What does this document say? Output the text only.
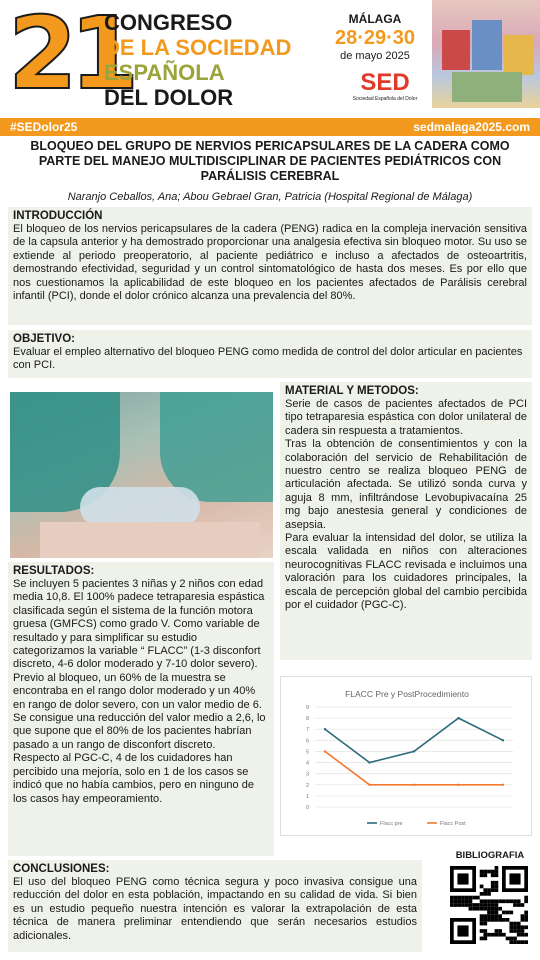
21
CONGRESO
DE LA SOCIEDAD
ESPAÑOLA
DEL DOLOR
MÁLAGA
28·29·30
de mayo 2025
SED
Sociedad Española del Dolor
#SEDolor25	sedmalaga2025.com
BLOQUEO DEL GRUPO DE NERVIOS PERICAPSULARES DE LA CADERA COMO PARTE DEL MANEJO MULTIDISCIPLINAR DE PACIENTES PEDIÁTRICOS CON PARÁLISIS CEREBRAL
Naranjo Ceballos, Ana; Abou Gebrael Gran, Patricia (Hospital Regional de Málaga)
INTRODUCCIÓN

El bloqueo de los nervios pericapsulares de la cadera (PENG) radica en la compleja inervación sensitiva de la capsula anterior y ha demostrado proporcionar una analgesia efectiva sin bloqueo motor. Su uso se extiende al periodo preoperatorio, al paciente pediátrico e incluso a afectados de osteoartritis, demostrando efectividad, seguridad y un control sintomatológico de hasta dos meses. Es por ello que nos cuestionamos la aplicabilidad de este bloqueo en los pacientes afectados de Parálisis cerebral infantil (PCI), donde el dolor crónico alcanza una prevalencia del 80%.

OBJETIVO:

Evaluar el empleo alternativo del bloqueo PENG como medida de control del dolor articular en pacientes con PCI.

MATERIAL Y METODOS:

Serie de casos de pacientes afectados de PCI tipo tetraparesia espástica con dolor unilateral de cadera sin respuesta a tratamientos.

Tras la obtención de consentimientos y con la colaboración del servicio de Rehabilitación de nuestro centro se realiza bloqueo PENG de articulación afectada. Se utilizó sonda curva y aguja 8 mm, infiltrándose Levobupivacaína 25 mg bajo anestesia general y condiciones de asepsia.

Para evaluar la intensidad del dolor, se utiliza la escala validada en niños con alteraciones neurocognitivas FLACC revisada e incluimos una valoración para los cuidadores principales, la escala de percepción global del cambio percibida por el cuidador (PGC-C).

RESULTADOS:

Se incluyen 5 pacientes 3 niñas y 2 niños con edad media 10,8. El 100% padece tetraparesia espástica clasificada según el sistema de la función motora gruesa (GMFCS) como grado V. Como variable de resultado y para simplificar su estudio categorizamos la variable “ FLACC” (1-3 disconfort discreto, 4-6 dolor moderado y 7-10 dolor severo).

Previo al bloqueo, un 60% de la muestra se encontraba en el rango dolor moderado y un 40% en rango de dolor severo, con un valor medio de 6. Se consigue una reducción del valor medio a 2,6, lo que supone que el 80% de los pacientes habrían pasado a un rango de disconfort discreto.

Respecto al PGC-C, 4 de los cuidadores han percibido una mejoría, solo en 1 de los casos se indicó que no había cambios, pero en ninguno de los casos hay empeoramiento.

FLACC Pre y PostProcedimiento
0
1
2
3
4
5
6
7
8
9
Flacc pre	Flacc Post
CONCLUSIONES:

El uso del bloqueo PENG como técnica segura y poco invasiva consigue una reducción del dolor en esta población, impactando en su calidad de vida. Si bien es un estudio pequeño nuestra intención es valorar la extrapolación de esta técnica de manera preliminar entendiendo que serán necesarios estudios adicionales.

BIBLIOGRAFIA
